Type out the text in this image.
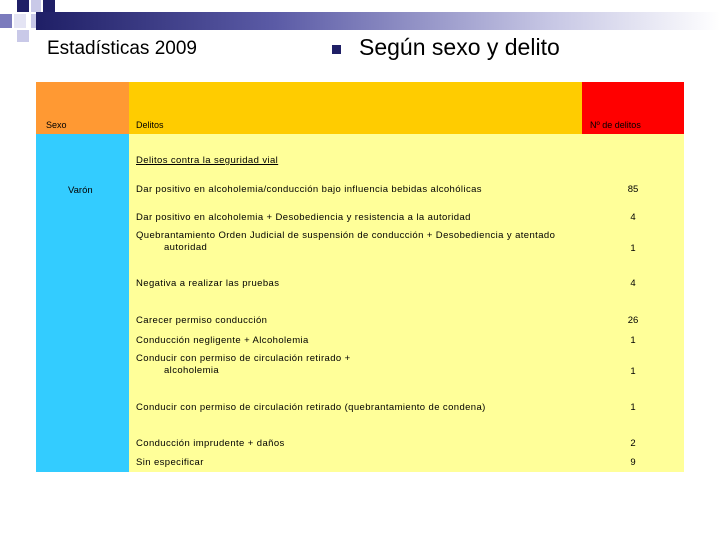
Estadísticas 2009	Según sexo y delito
Sexo	Delitos	Nº de delitos
Varón
Delitos contra la seguridad vial
Dar positivo en alcoholemia/conducción bajo influencia bebidas alcohólicas	85
Dar positivo en alcoholemia + Desobediencia y resistencia a la autoridad	4
Quebrantamiento Orden Judicial de suspensión de conducción + Desobediencia y atentado
autoridad	1
Negativa a realizar las pruebas	4
Carecer permiso conducción	26
Conducción negligente + Alcoholemia	1
Conducir con permiso de circulación retirado +
alcoholemia	1
Conducir con permiso de circulación retirado (quebrantamiento de condena)	1
Conducción imprudente + daños	2
Sin especificar	9
